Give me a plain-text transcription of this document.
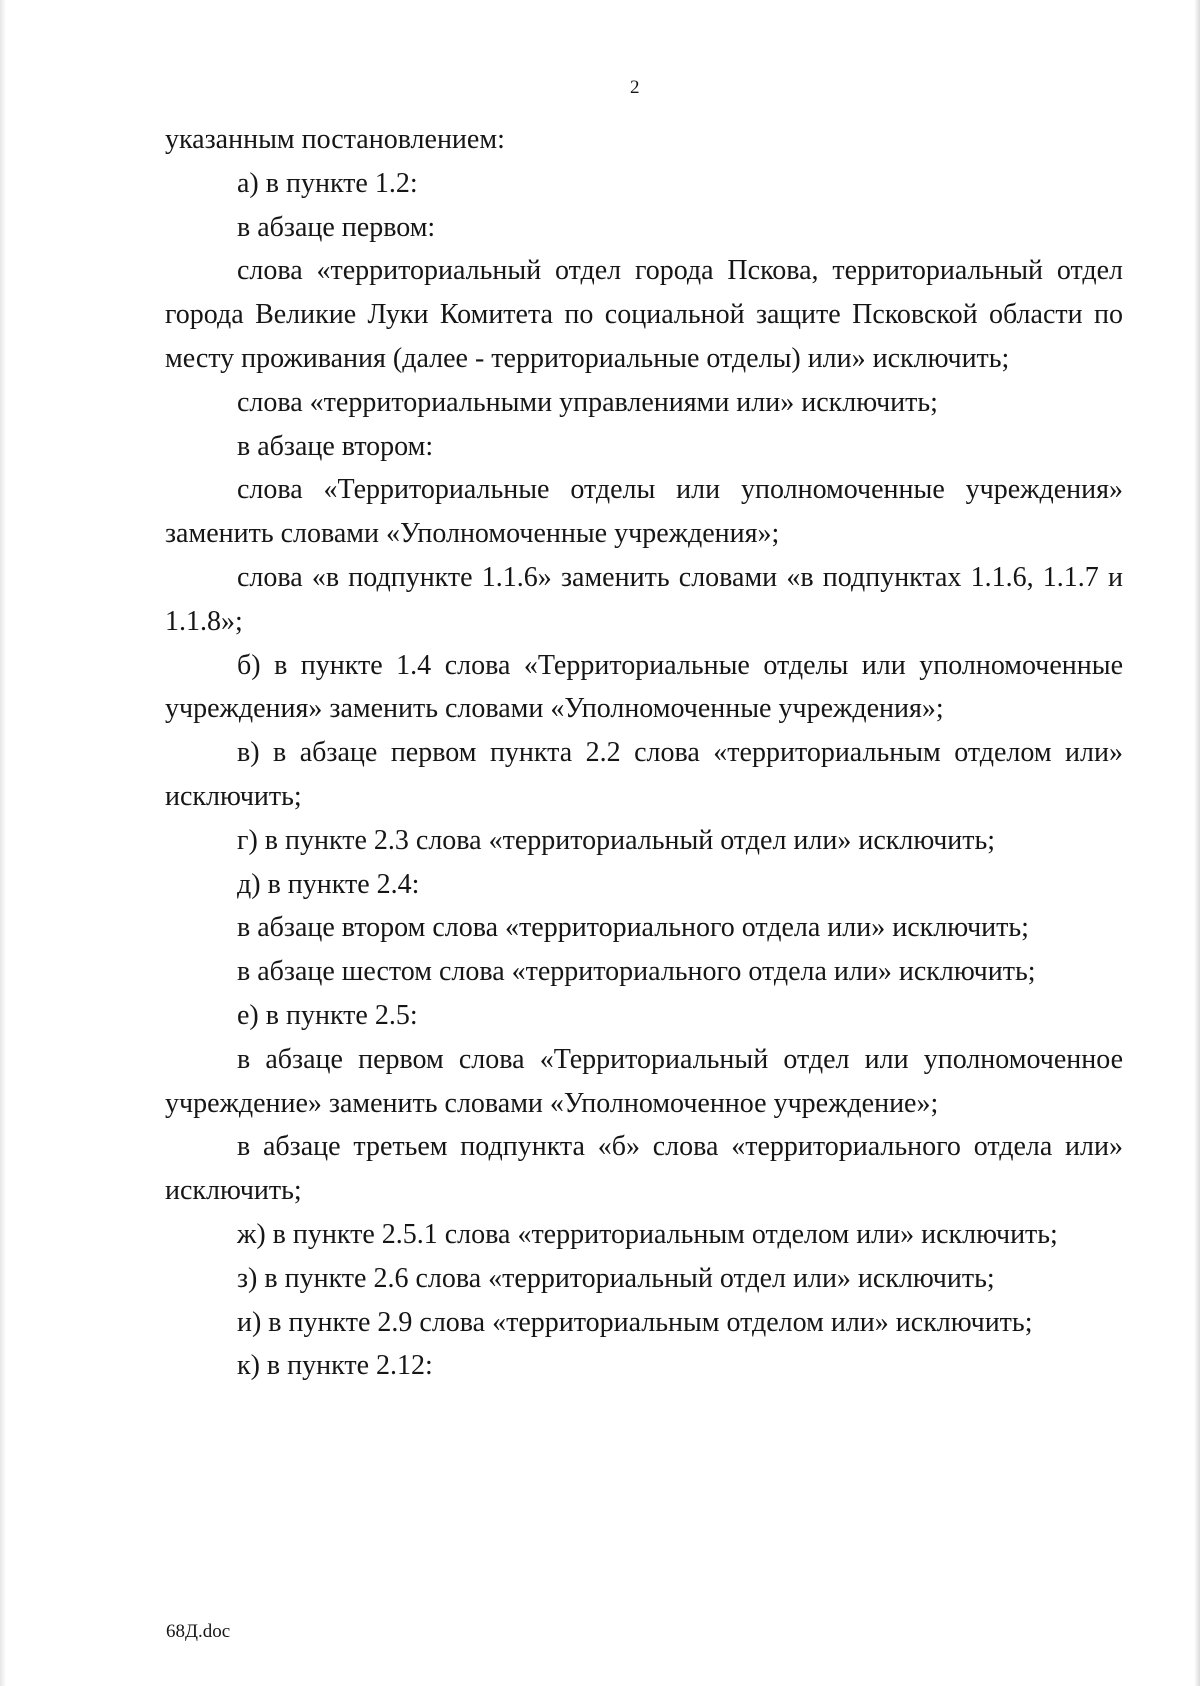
2

указанным постановлением:

а) в пункте 1.2:

в абзаце первом:

слова «территориальный отдел города Пскова, территориальный отдел города Великие Луки Комитета по социальной защите Псковской области по месту проживания (далее - территориальные отделы) или» исключить;

слова «территориальными управлениями или» исключить;

в абзаце втором:

слова «Территориальные отделы или уполномоченные учреждения» заменить словами «Уполномоченные учреждения»;

слова «в подпункте 1.1.6» заменить словами «в подпунктах 1.1.6, 1.1.7 и 1.1.8»;

б) в пункте 1.4 слова «Территориальные отделы или уполномоченные учреждения» заменить словами «Уполномоченные учреждения»;

в) в абзаце первом пункта 2.2 слова «территориальным отделом или» исключить;

г) в пункте 2.3 слова «территориальный отдел или» исключить;

д) в пункте 2.4:

в абзаце втором слова «территориального отдела или» исключить;

в абзаце шестом слова «территориального отдела или» исключить;

е) в пункте 2.5:

в абзаце первом слова «Территориальный отдел или уполномоченное учреждение» заменить словами «Уполномоченное учреждение»;

в абзаце третьем подпункта «б» слова «территориального отдела или» исключить;

ж) в пункте 2.5.1 слова «территориальным отделом или» исключить;

з) в пункте 2.6 слова «территориальный отдел или» исключить;

и) в пункте 2.9 слова «территориальным отделом или» исключить;

к) в пункте 2.12:

68Д.doc
